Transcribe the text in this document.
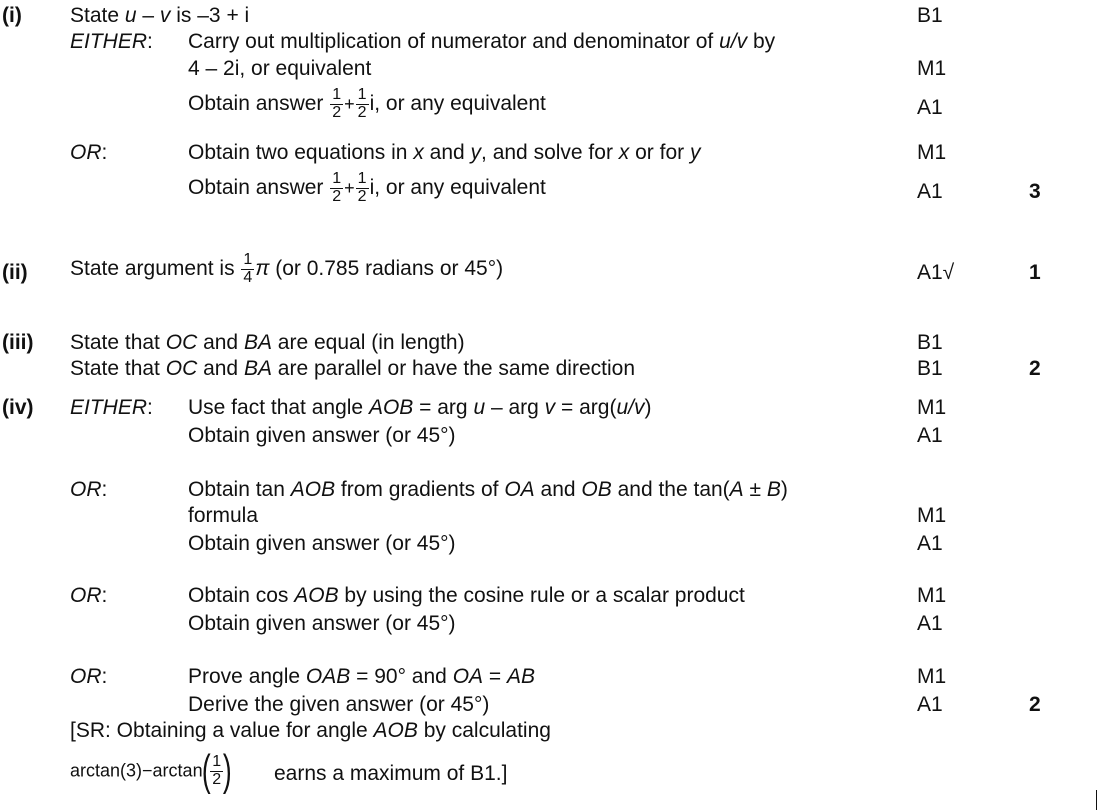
(i) State u – v is –3 + i	B1
EITHER: Carry out multiplication of numerator and denominator of u/v by
4 – 2i, or equivalent	M1
Obtain answer $\frac{1}{2} + \frac{1}{2} i$, or any equivalent	A1
OR:	Obtain two equations in x and y, and solve for x or for y	M1
Obtain answer $\frac{1}{2} + \frac{1}{2} i$, or any equivalent	A1	3
(ii) State argument is $\frac{1}{4}$ π (or 0.785 radians or 45°)	A1√	1
(iii) State that OC and BA are equal (in length)	B1
State that OC and BA are parallel or have the same direction	B1	2
(iv) EITHER: Use fact that angle AOB = arg u – arg v = arg(u/v)	M1
Obtain given answer (or 45°)	A1
OR:	Obtain tan AOB from gradients of OA and OB and the tan(A ± B)
formula	M1
Obtain given answer (or 45°)	A1
OR:	Obtain cos AOB by using the cosine rule or a scalar product	M1
Obtain given answer (or 45°)	A1
OR:	Prove angle OAB = 90° and OA = AB	M1
Derive the given answer (or 45°)	A1	2
[SR: Obtaining a value for angle AOB by calculating
$\arctan(3)-\arctan( \frac{1}{2}$ ) earns a maximum of B1.]
